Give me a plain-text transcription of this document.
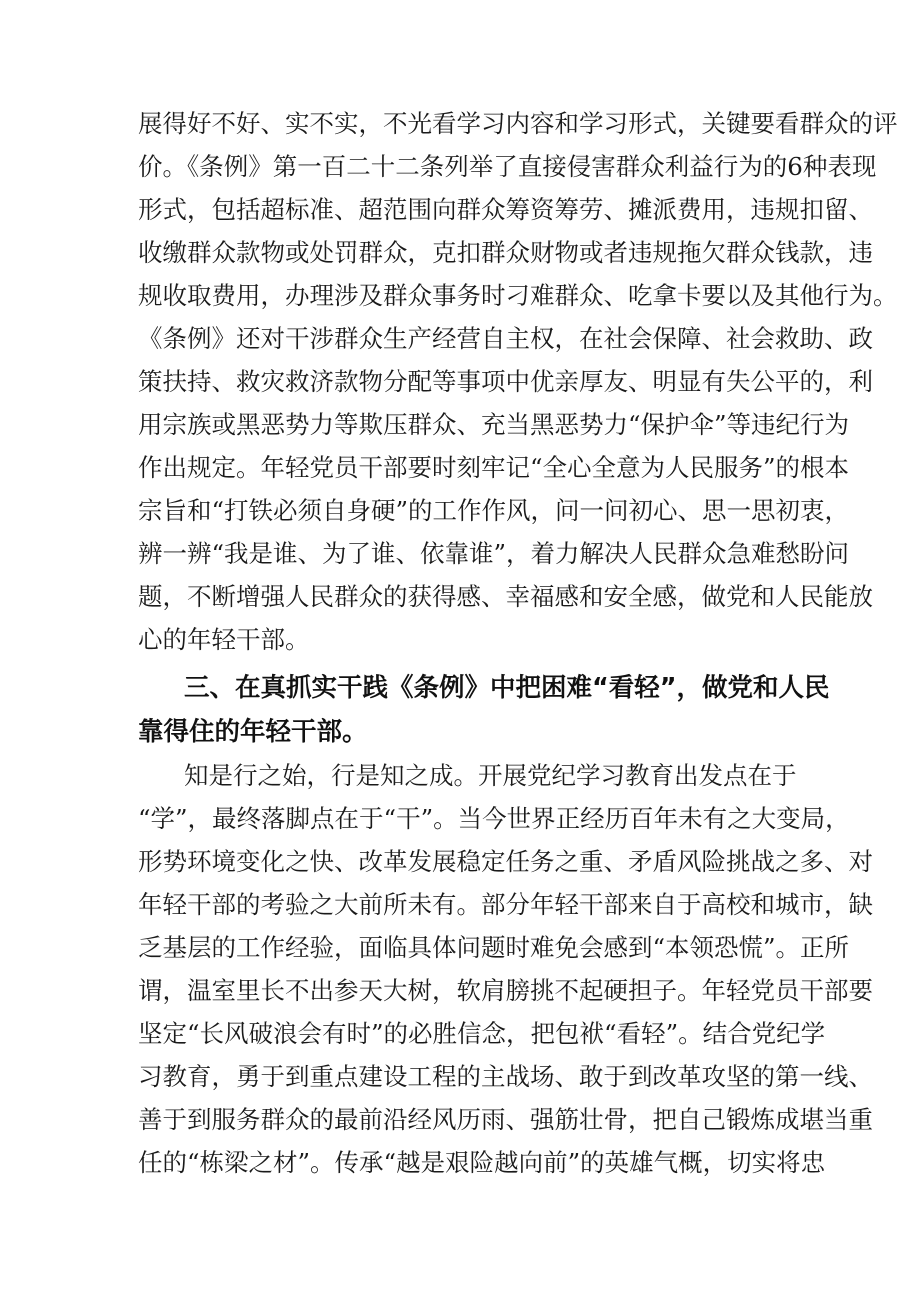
展得好不好、实不实，不光看学习内容和学习形式，关键要看群众的评
价。《条例》第一百二十二条列举了直接侵害群众利益行为的6种表现
形式，包括超标准、超范围向群众筹资筹劳、摊派费用，违规扣留、
收缴群众款物或处罚群众，克扣群众财物或者违规拖欠群众钱款，违
规收取费用，办理涉及群众事务时刁难群众、吃拿卡要以及其他行为。
《条例》还对干涉群众生产经营自主权，在社会保障、社会救助、政
策扶持、救灾救济款物分配等事项中优亲厚友、明显有失公平的，利
用宗族或黑恶势力等欺压群众、充当黑恶势力“保护伞”等违纪行为
作出规定。年轻党员干部要时刻牢记“全心全意为人民服务”的根本
宗旨和“打铁必须自身硬”的工作作风，问一问初心、思一思初衷，
辨一辨“我是谁、为了谁、依靠谁”，着力解决人民群众急难愁盼问
题，不断增强人民群众的获得感、幸福感和安全感，做党和人民能放
心的年轻干部。
三、在真抓实干践《条例》中把困难“看轻”，做党和人民
靠得住的年轻干部。
知是行之始，行是知之成。开展党纪学习教育出发点在于
“学”，最终落脚点在于“干”。当今世界正经历百年未有之大变局，
形势环境变化之快、改革发展稳定任务之重、矛盾风险挑战之多、对
年轻干部的考验之大前所未有。部分年轻干部来自于高校和城市，缺
乏基层的工作经验，面临具体问题时难免会感到“本领恐慌”。正所
谓，温室里长不出参天大树，软肩膀挑不起硬担子。年轻党员干部要
坚定“长风破浪会有时”的必胜信念，把包袱“看轻”。结合党纪学
习教育，勇于到重点建设工程的主战场、敢于到改革攻坚的第一线、
善于到服务群众的最前沿经风历雨、强筋壮骨，把自己锻炼成堪当重
任的“栋梁之材”。传承“越是艰险越向前”的英雄气概，切实将忠
